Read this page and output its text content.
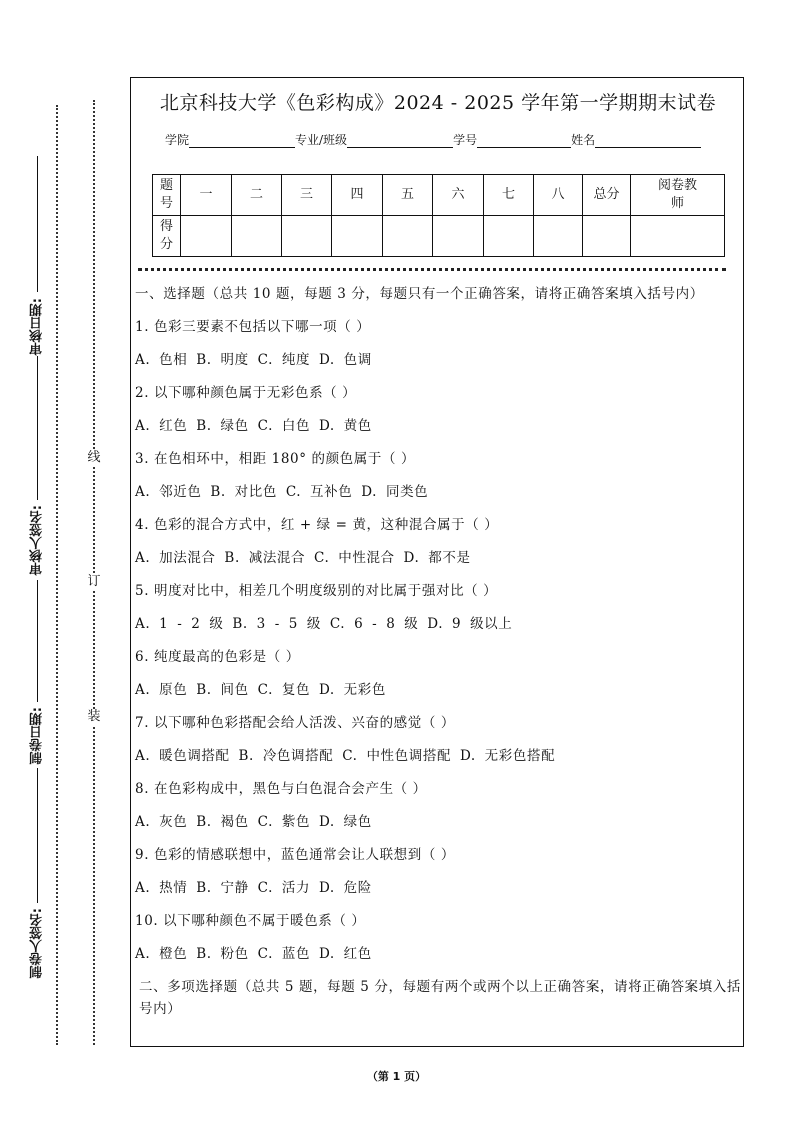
审核日期:
审核人签名:
制卷日期:
制卷人签名:
线
订
装
北京科技大学《色彩构成》2024 - 2025 学年第一学期期末试卷
学院	专业/班级	学号	姓名
题号	一	二	三	四	五	六	七	八	总分	阅卷教师
得分										

一、选择题（总共 10 题，每题 3 分，每题只有一个正确答案，请将正确答案填入括号内）

1. 色彩三要素不包括以下哪一项（ ）
A. 色相 B. 明度 C. 纯度 D. 色调
2. 以下哪种颜色属于无彩色系（ ）
A. 红色 B. 绿色 C. 白色 D. 黄色
3. 在色相环中，相距 180° 的颜色属于（ ）
A. 邻近色 B. 对比色 C. 互补色 D. 同类色
4. 色彩的混合方式中，红 + 绿 = 黄，这种混合属于（ ）
A. 加法混合 B. 减法混合 C. 中性混合 D. 都不是
5. 明度对比中，相差几个明度级别的对比属于强对比（ ）
A. 1 - 2 级 B. 3 - 5 级 C. 6 - 8 级 D. 9 级以上
6. 纯度最高的色彩是（ ）
A. 原色 B. 间色 C. 复色 D. 无彩色
7. 以下哪种色彩搭配会给人活泼、兴奋的感觉（ ）
A. 暖色调搭配 B. 冷色调搭配 C. 中性色调搭配 D. 无彩色搭配
8. 在色彩构成中，黑色与白色混合会产生（ ）
A. 灰色 B. 褐色 C. 紫色 D. 绿色
9. 色彩的情感联想中，蓝色通常会让人联想到（ ）
A. 热情 B. 宁静 C. 活力 D. 危险
10. 以下哪种颜色不属于暖色系（ ）
A. 橙色 B. 粉色 C. 蓝色 D. 红色

二、多项选择题（总共 5 题，每题 5 分，每题有两个或两个以上正确答案，请将正确答案填入括号内）

（第 1 页）
